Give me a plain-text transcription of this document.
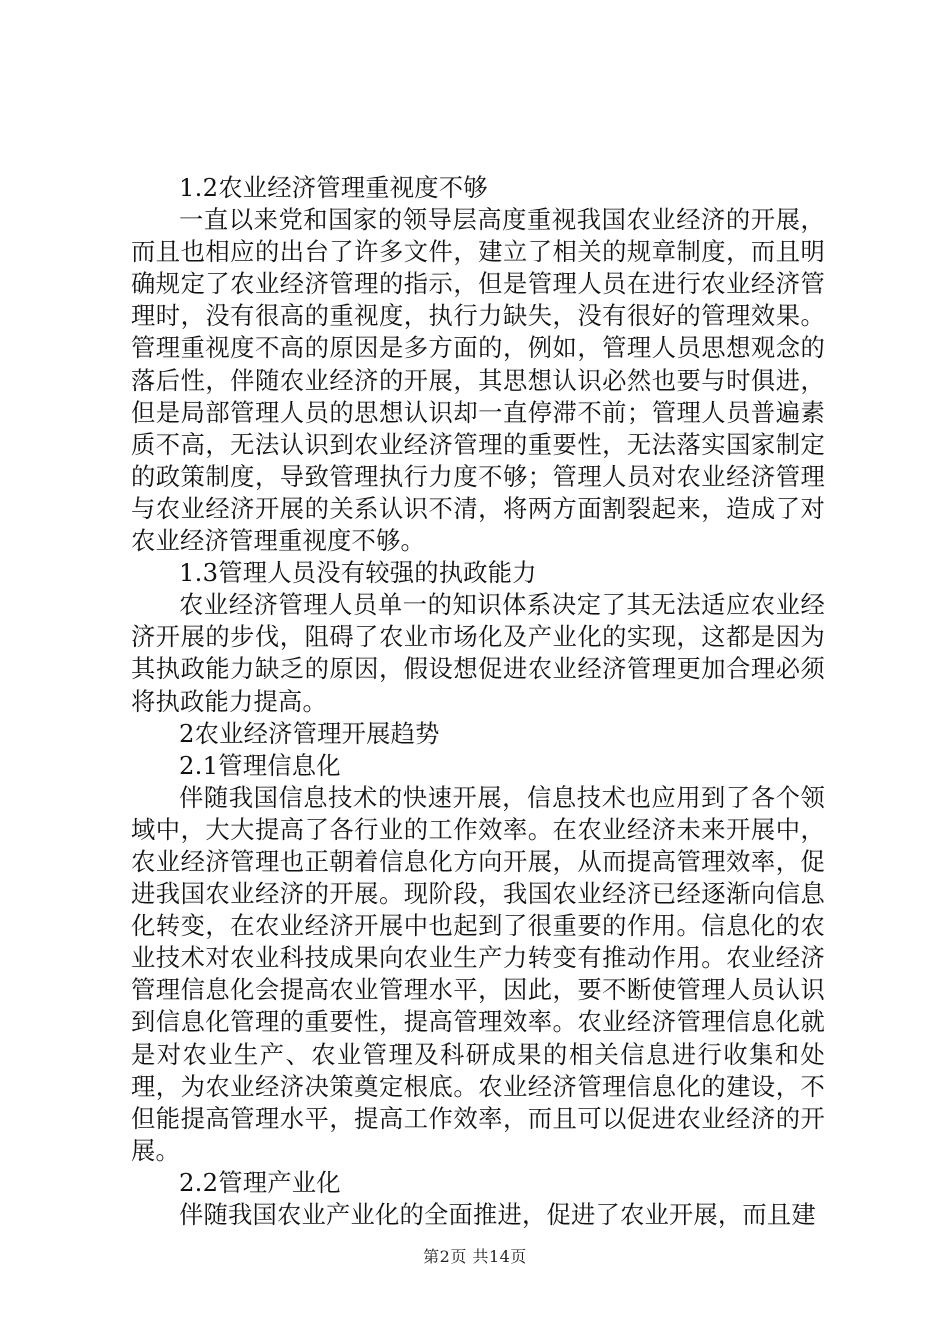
1.2农业经济管理重视度不够

一直以来党和国家的领导层高度重视我国农业经济的开展，而且也相应的出台了许多文件，建立了相关的规章制度，而且明确规定了农业经济管理的指示，但是管理人员在进行农业经济管理时，没有很高的重视度，执行力缺失，没有很好的管理效果。管理重视度不高的原因是多方面的，例如，管理人员思想观念的落后性，伴随农业经济的开展，其思想认识必然也要与时俱进，但是局部管理人员的思想认识却一直停滞不前；管理人员普遍素质不高，无法认识到农业经济管理的重要性，无法落实国家制定的政策制度，导致管理执行力度不够；管理人员对农业经济管理与农业经济开展的关系认识不清，将两方面割裂起来，造成了对农业经济管理重视度不够。

1.3管理人员没有较强的执政能力

农业经济管理人员单一的知识体系决定了其无法适应农业经济开展的步伐，阻碍了农业市场化及产业化的实现，这都是因为其执政能力缺乏的原因，假设想促进农业经济管理更加合理必须将执政能力提高。

2农业经济管理开展趋势

2.1管理信息化

伴随我国信息技术的快速开展，信息技术也应用到了各个领域中，大大提高了各行业的工作效率。在农业经济未来开展中，农业经济管理也正朝着信息化方向开展，从而提高管理效率，促进我国农业经济的开展。现阶段，我国农业经济已经逐渐向信息化转变，在农业经济开展中也起到了很重要的作用。信息化的农业技术对农业科技成果向农业生产力转变有推动作用。农业经济管理信息化会提高农业管理水平，因此，要不断使管理人员认识到信息化管理的重要性，提高管理效率。农业经济管理信息化就是对农业生产、农业管理及科研成果的相关信息进行收集和处理，为农业经济决策奠定根底。农业经济管理信息化的建设，不但能提高管理水平，提高工作效率，而且可以促进农业经济的开展。

2.2管理产业化

伴随我国农业产业化的全面推进，促进了农业开展，而且建

第2页 共14页
